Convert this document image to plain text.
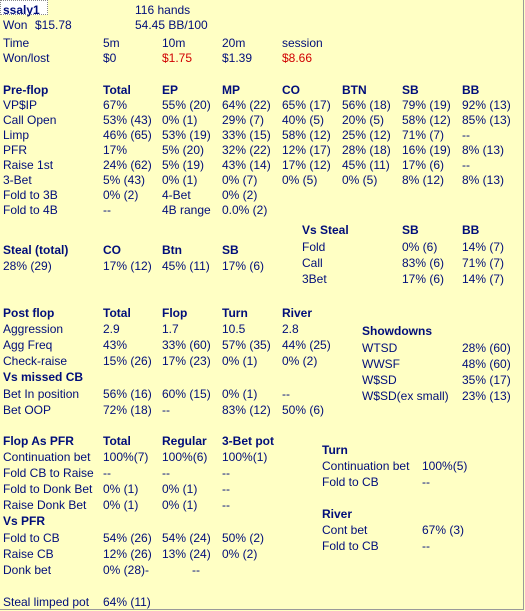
ssaly1	116 hands
Won $15.78	54.45 BB/100
Time	5m	10m	20m	session
Won/lost	$0	$1.75 $1.39 $8.66
Pre-flop	Total	EP	MP	CO	BTN	SB	BB
VP$IP	67%	55% (20) 64% (22) 65% (17) 56% (18) 79% (19) 92% (13)
Call Open	53% (43) 0% (1) 29% (7) 40% (5) 20% (5) 58% (12) 85% (13)
Limp	46% (65) 53% (19) 33% (15) 58% (12) 25% (12) 71% (7) --
PFR	17%	5% (20) 32% (22) 12% (17) 28% (18) 16% (19) 8% (13)
Raise 1st	24% (62) 5% (19) 43% (14) 17% (12) 45% (11) 17% (6) --
3-Bet	5% (43) 0% (1) 0% (7) 0% (5) 0% (5) 8% (12) 8% (13)
Fold to 3B	0% (2) 4-Bet	0% (2)
Fold to 4B	--	4B range 0.0% (2)
Vs Steal	SB	BB
Fold	0% (6) 14% (7)
Call	83% (6) 71% (7)
3Bet	17% (6) 14% (7)
Steal (total)	CO	Btn	SB
28% (29)	17% (12) 45% (11) 17% (6)
Post flop	Total	Flop	Turn	River
Aggression	2.9	1.7	10.5	2.8
Agg Freq	43%	33% (60) 57% (35) 44% (25)
Check-raise	15% (26) 17% (23) 0% (1) 0% (2)
Vs missed CB
Bet In position 56% (16) 60% (15) 0% (1) --
Bet OOP	72% (18) --	83% (12) 50% (6)
Showdowns
WTSD	28% (60)
WWSF	48% (60)
W$SD	35% (17)
W$SD(ex small) 23% (13)
Flop As PFR Total	Regular 3-Bet pot
Continuation bet 100%(7) 100%(6) 100%(1)
Fold CB to Raise --	--	--
Fold to Donk Bet 0% (1) 0% (1) --
Raise Donk Bet 0% (1) 0% (1) --
Vs PFR
Fold to CB	54% (26) 54% (24) 50% (2)
Raise CB	12% (26) 13% (24) 0% (2)
Donk bet	0% (28)-	--
Turn
Continuation bet 100%(5)
Fold to CB	--
River
Cont bet	67% (3)
Fold to CB	--
Steal limped pot 64% (11)
